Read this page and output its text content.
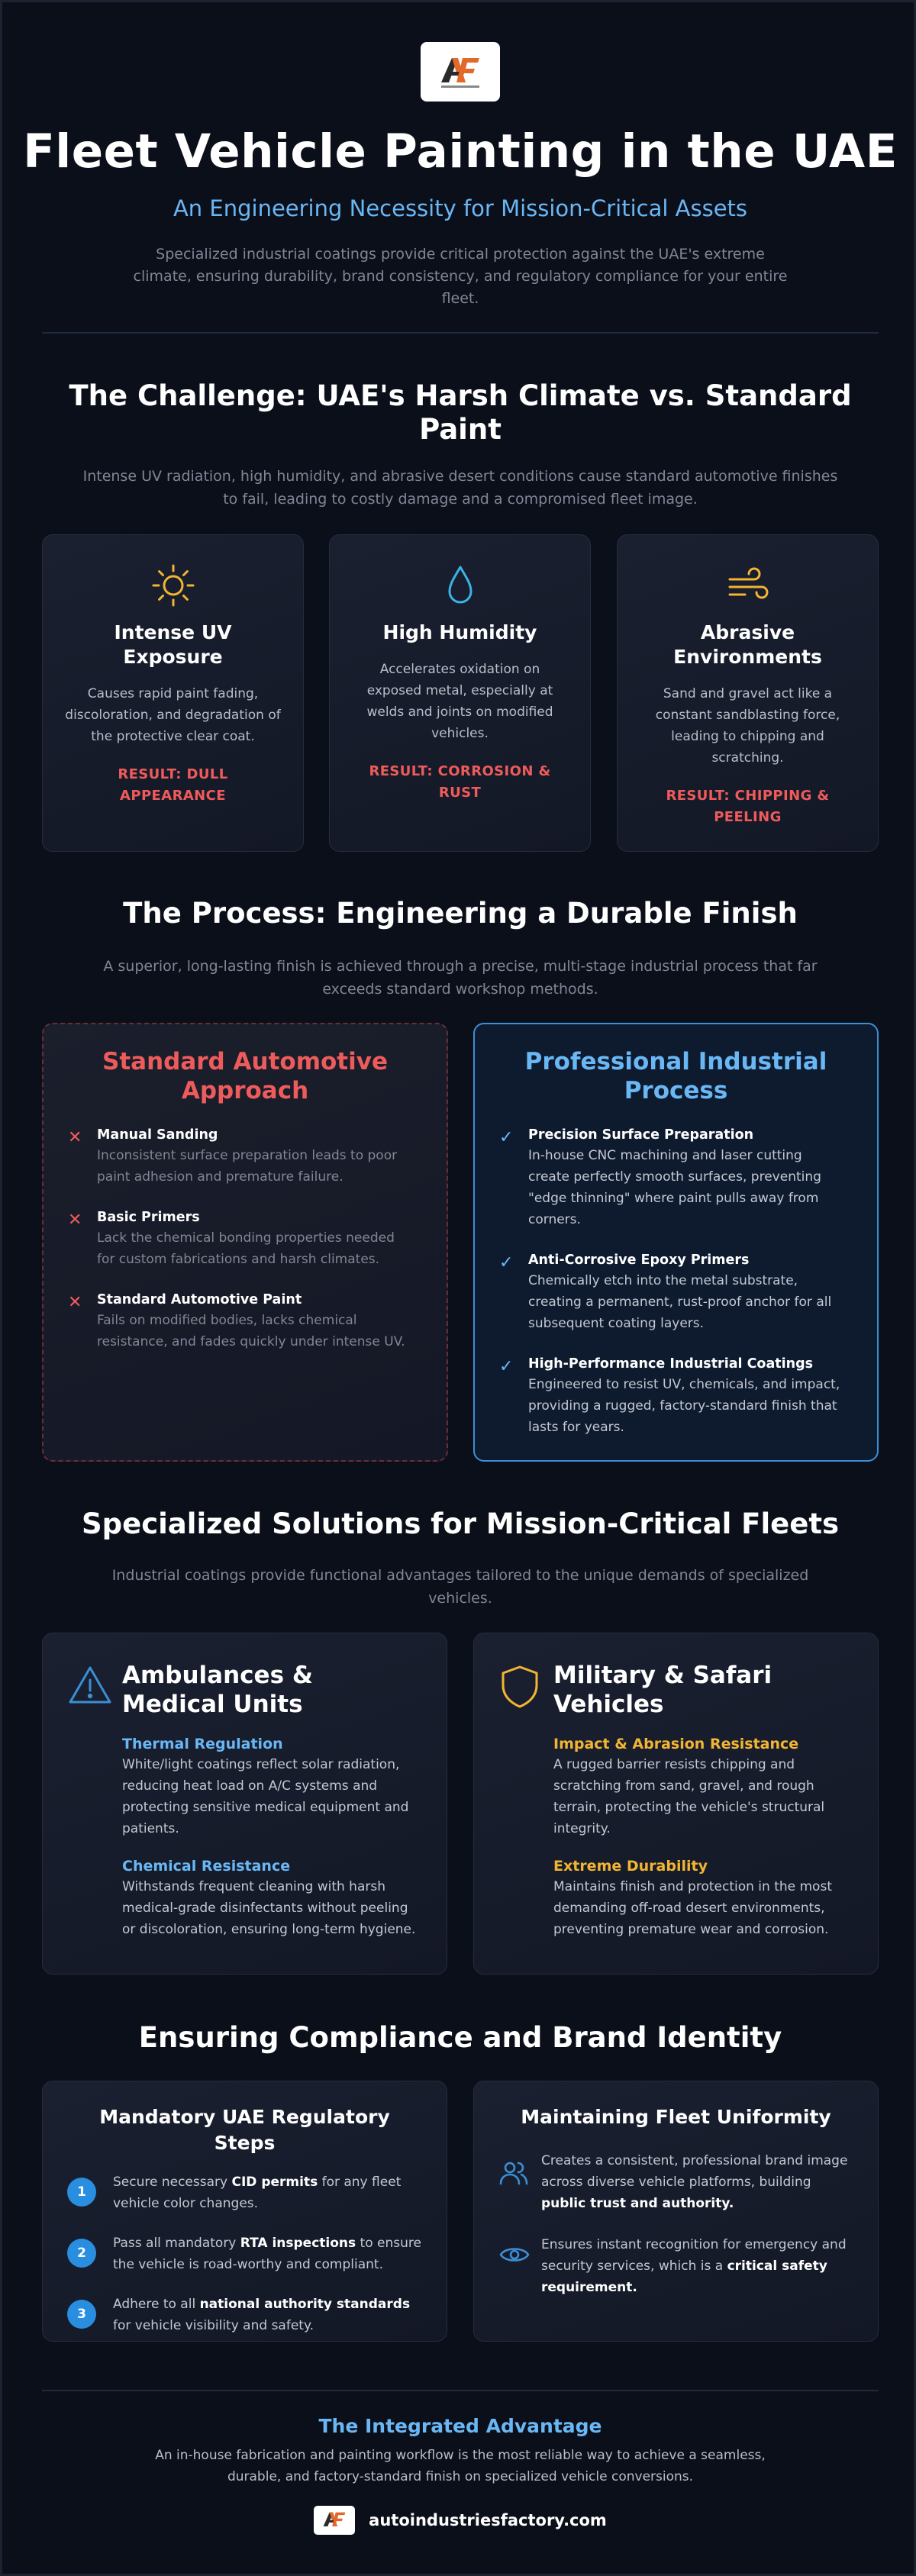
Fleet Vehicle Painting in the UAE
An Engineering Necessity for Mission-Critical Assets
Specialized industrial coatings provide critical protection against the UAE's extreme climate, ensuring durability, brand consistency, and regulatory compliance for your entire fleet.
The Challenge: UAE's Harsh Climate vs. Standard Paint
Intense UV radiation, high humidity, and abrasive desert conditions cause standard automotive finishes to fail, leading to costly damage and a compromised fleet image.
Intense UV Exposure
Causes rapid paint fading, discoloration, and degradation of the protective clear coat.
RESULT: DULL APPEARANCE
High Humidity
Accelerates oxidation on exposed metal, especially at welds and joints on modified vehicles.
RESULT: CORROSION & RUST
Abrasive Environments
Sand and gravel act like a constant sandblasting force, leading to chipping and scratching.
RESULT: CHIPPING & PEELING
The Process: Engineering a Durable Finish
A superior, long-lasting finish is achieved through a precise, multi-stage industrial process that far exceeds standard workshop methods.
Standard Automotive Approach
✕	Manual Sanding
Inconsistent surface preparation leads to poor paint adhesion and premature failure.
✕	Basic Primers
Lack the chemical bonding properties needed for custom fabrications and harsh climates.
✕	Standard Automotive Paint
Fails on modified bodies, lacks chemical resistance, and fades quickly under intense UV.
Professional Industrial Process
✓	Precision Surface Preparation
In-house CNC machining and laser cutting create perfectly smooth surfaces, preventing "edge thinning" where paint pulls away from corners.
✓	Anti-Corrosive Epoxy Primers
Chemically etch into the metal substrate, creating a permanent, rust-proof anchor for all subsequent coating layers.
✓	High-Performance Industrial Coatings
Engineered to resist UV, chemicals, and impact, providing a rugged, factory-standard finish that lasts for years.
Specialized Solutions for Mission-Critical Fleets
Industrial coatings provide functional advantages tailored to the unique demands of specialized vehicles.
Ambulances & Medical Units
Thermal Regulation
White/light coatings reflect solar radiation, reducing heat load on A/C systems and protecting sensitive medical equipment and patients.
Chemical Resistance
Withstands frequent cleaning with harsh medical-grade disinfectants without peeling or discoloration, ensuring long-term hygiene.
Military & Safari Vehicles
Impact & Abrasion Resistance
A rugged barrier resists chipping and scratching from sand, gravel, and rough terrain, protecting the vehicle's structural integrity.
Extreme Durability
Maintains finish and protection in the most demanding off-road desert environments, preventing premature wear and corrosion.
Ensuring Compliance and Brand Identity
Mandatory UAE Regulatory Steps
1
Secure necessary CID permits for any fleet vehicle color changes.
2
Pass all mandatory RTA inspections to ensure the vehicle is road-worthy and compliant.
3
Adhere to all national authority standards for vehicle visibility and safety.
Maintaining Fleet Uniformity
Creates a consistent, professional brand image across diverse vehicle platforms, building public trust and authority.
Ensures instant recognition for emergency and security services, which is a critical safety requirement.
The Integrated Advantage
An in-house fabrication and painting workflow is the most reliable way to achieve a seamless, durable, and factory-standard finish on specialized vehicle conversions.
autoindustriesfactory.com
